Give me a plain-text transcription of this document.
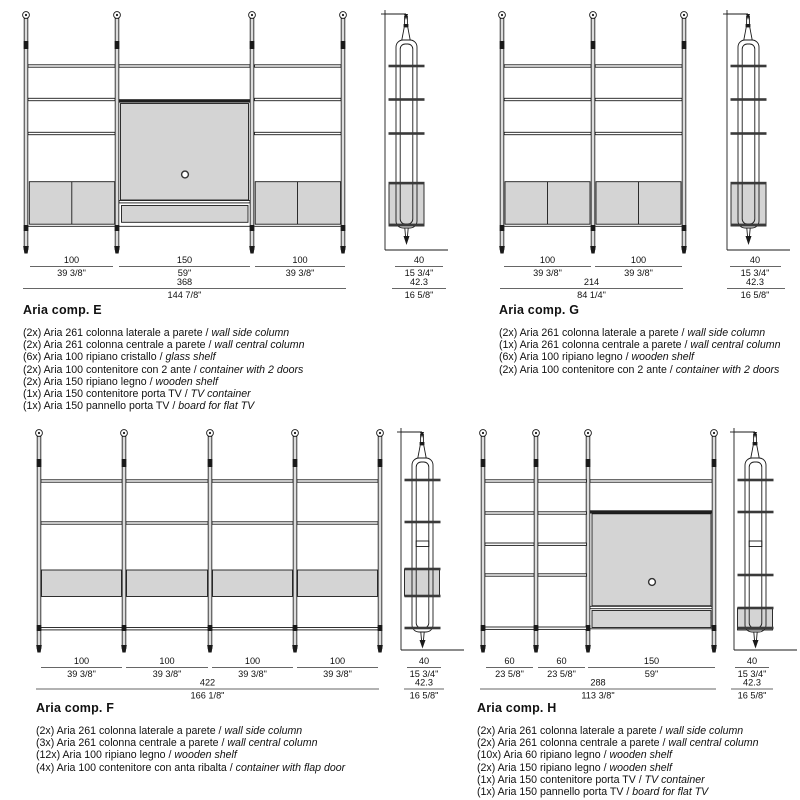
100
39 3/8"
150
59"
100
39 3/8"
368
144 7/8"
40
15 3/4"
42.3
16 5/8"
100
39 3/8"
100
39 3/8"
214
84 1/4"
40
15 3/4"
42.3
16 5/8"
100
39 3/8"
100
39 3/8"
100
39 3/8"
100
39 3/8"
422
166 1/8"
40
15 3/4"
42.3
16 5/8"
60
23 5/8"
60
23 5/8"
150
59"
288
113 3/8"
40
15 3/4"
42.3
16 5/8"
Aria comp. E
(2x) Aria 261 colonna laterale a parete / wall side column
(2x) Aria 261 colonna centrale a parete / wall central column
(6x) Aria 100 ripiano cristallo / glass shelf
(2x) Aria 100 contenitore con 2 ante / container with 2 doors
(2x) Aria 150 ripiano legno / wooden shelf
(1x) Aria 150 contenitore porta TV / TV container
(1x) Aria 150 pannello porta TV / board for flat TV
Aria comp. G
(2x) Aria 261 colonna laterale a parete / wall side column
(1x) Aria 261 colonna centrale a parete / wall central column
(6x) Aria 100 ripiano legno / wooden shelf
(2x) Aria 100 contenitore con 2 ante / container with 2 doors
Aria comp. F
(2x) Aria 261 colonna laterale a parete / wall side column
(3x) Aria 261 colonna centrale a parete / wall central column
(12x) Aria 100 ripiano legno / wooden shelf
(4x) Aria 100 contenitore con anta ribalta / container with flap door
Aria comp. H
(2x) Aria 261 colonna laterale a parete / wall side column
(2x) Aria 261 colonna centrale a parete / wall central column
(10x) Aria 60 ripiano legno / wooden shelf
(2x) Aria 150 ripiano legno / wooden shelf
(1x) Aria 150 contenitore porta TV / TV container
(1x) Aria 150 pannello porta TV / board for flat TV
